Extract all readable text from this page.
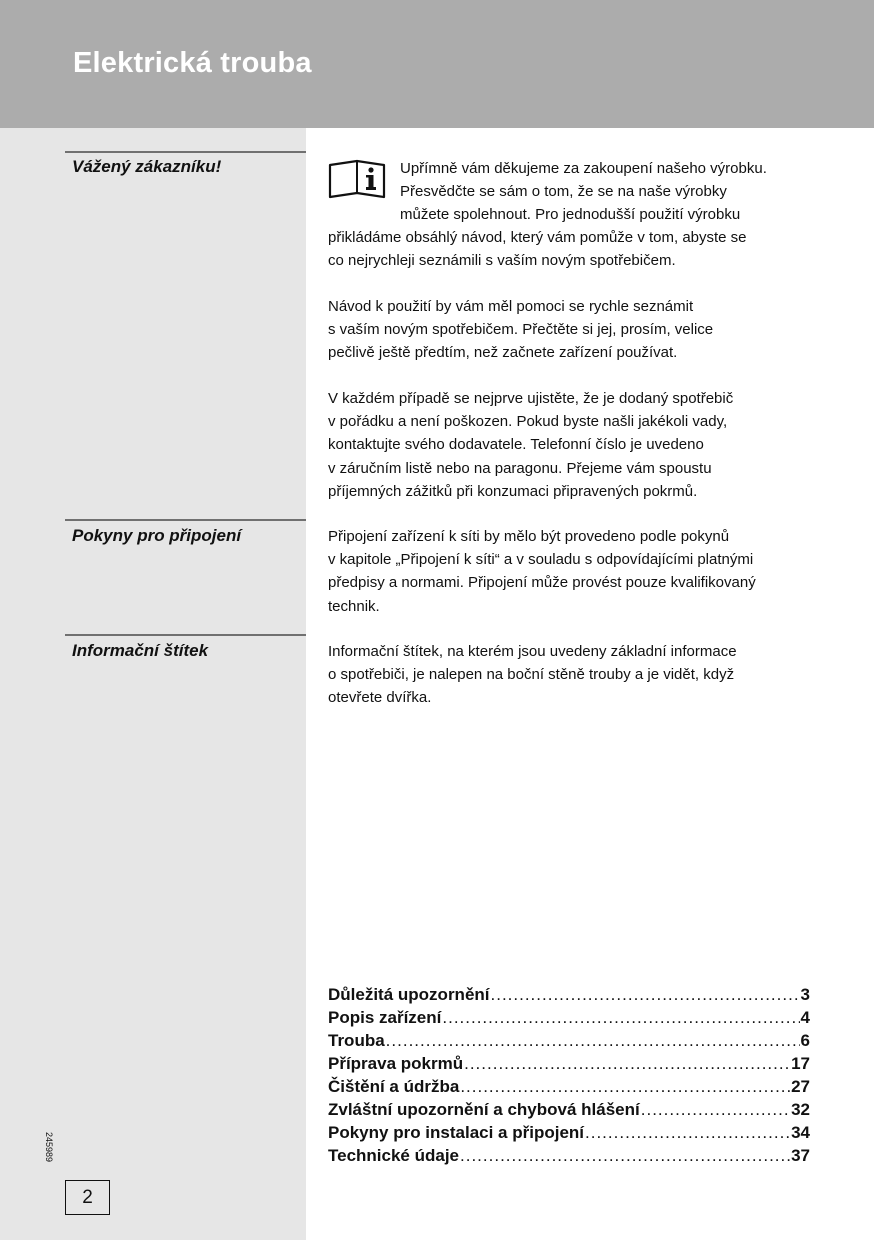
Elektrická trouba
Vážený zákazníku!	Upřímně vám děkujeme za zakoupení našeho výrobku.
Přesvědčte se sám o tom, že se na naše výrobky
můžete spolehnout. Pro jednodušší použití výrobku
přikládáme obsáhlý návod, který vám pomůže v tom, abyste se
co nejrychleji seznámili s vaším novým spotřebičem.
Návod k použití by vám měl pomoci se rychle seznámit
s vaším novým spotřebičem. Přečtěte si jej, prosím, velice
pečlivě ještě předtím, než začnete zařízení používat.
V každém případě se nejprve ujistěte, že je dodaný spotřebič
v pořádku a není poškozen. Pokud byste našli jakékoli vady,
kontaktujte svého dodavatele. Telefonní číslo je uvedeno
v záručním listě nebo na paragonu. Přejeme vám spoustu
příjemných zážitků při konzumaci připravených pokrmů.
Pokyny pro připojení	Připojení zařízení k síti by mělo být provedeno podle pokynů
v kapitole „Připojení k síti“ a v souladu s odpovídajícími platnými
předpisy a normami. Připojení může provést pouze kvalifikovaný
technik.
Informační štítek	Informační štítek, na kterém jsou uvedeny základní informace
o spotřebiči, je nalepen na boční stěně trouby a je vidět, když
otevřete dvířka.
Důležitá upozornění .....	3
Popis zařízení .....	4
Trouba .....	6
Příprava pokrmů .....	17
Čištění a údržba .....	27
Zvláštní upozornění a chybová hlášení .....	32
Pokyny pro instalaci a připojení .....	34
Technické údaje .....	37
245989
2
